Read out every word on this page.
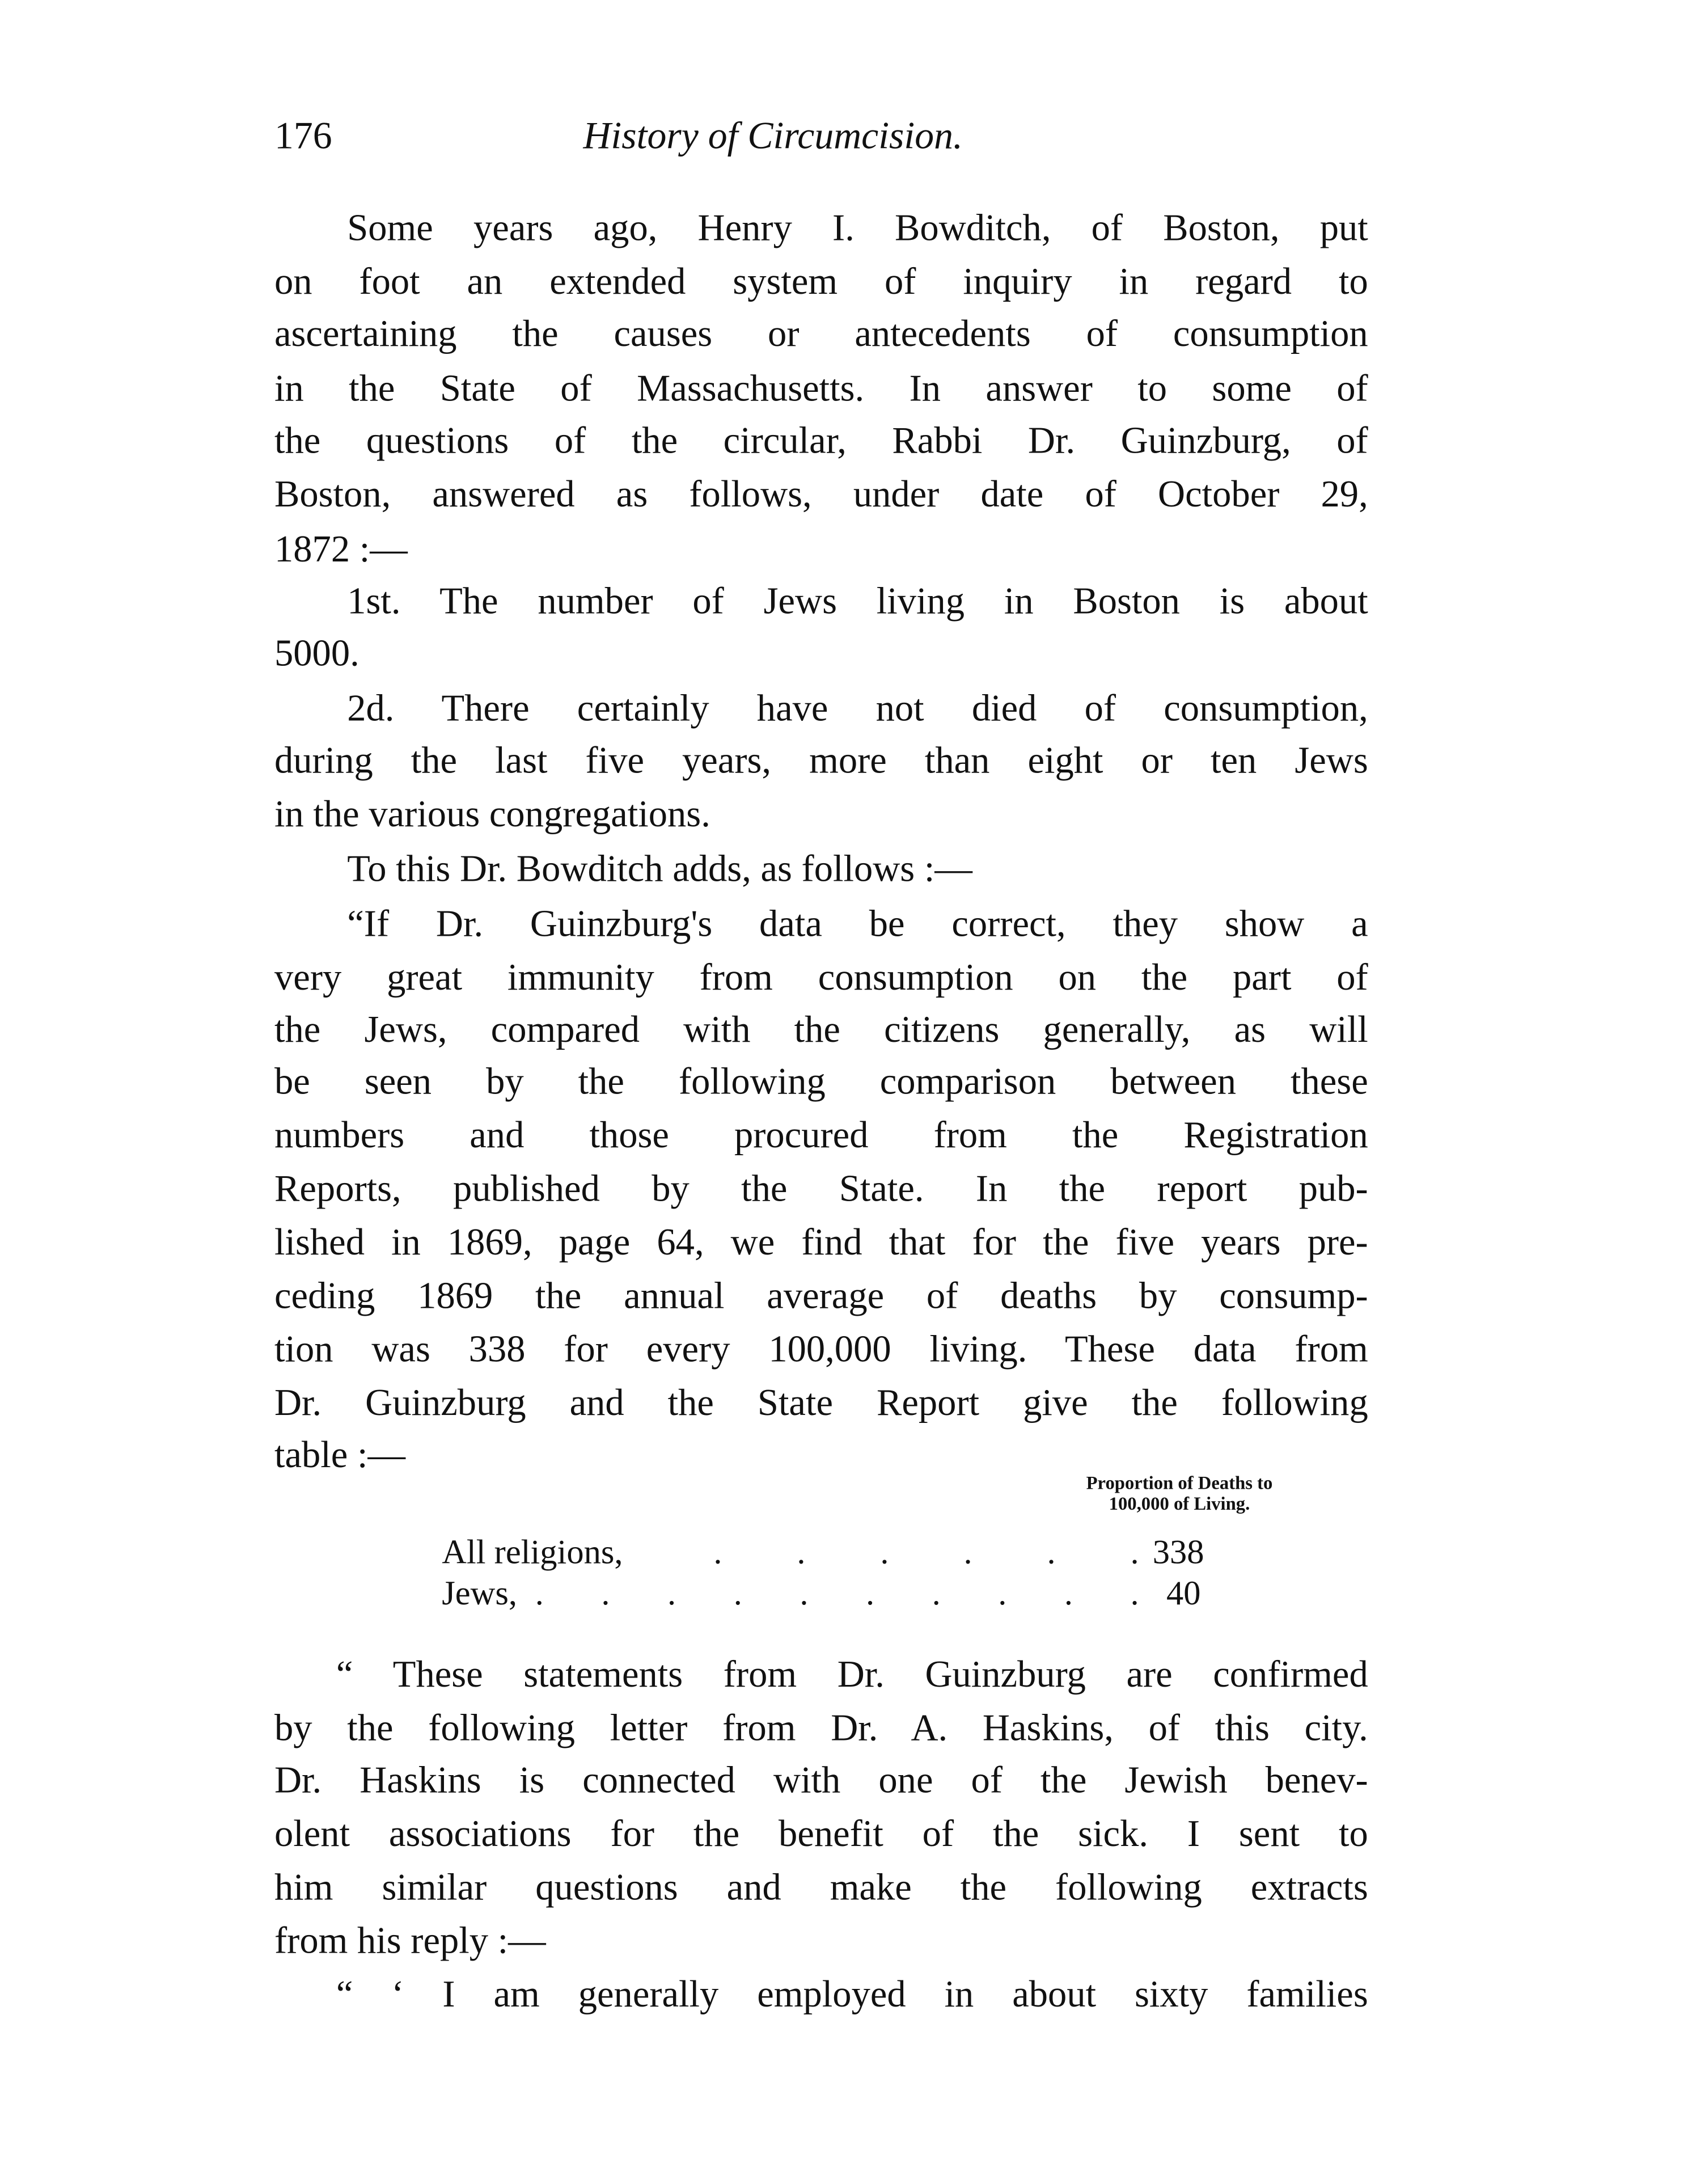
176	History of Circumcision.
Some years ago, Henry I. Bowditch, of Boston, put
on foot an extended system of inquiry in regard to
ascertaining the causes or antecedents of consumption
in the State of Massachusetts. In answer to some of
the questions of the circular, Rabbi Dr. Guinzburg, of
Boston, answered as follows, under date of October 29,
1872 :—
1st. The number of Jews living in Boston is about
5000.
2d. There certainly have not died of consumption,
during the last five years, more than eight or ten Jews
in the various congregations.
To this Dr. Bowditch adds, as follows :—
“If Dr. Guinzburg's data be correct, they show a
very great immunity from consumption on the part of
the Jews, compared with the citizens generally, as will
be seen by the following comparison between these
numbers and those procured from the Registration
Reports, published by the State. In the report pub-
lished in 1869, page 64, we find that for the five years pre-
ceding 1869 the annual average of deaths by consump-
tion was 338 for every 100,000 living. These data from
Dr. Guinzburg and the State Report give the following
table :—
Proportion of Deaths to
100,000 of Living.
All religions,	. . . . . . 338
Jews, . . . . . . . . . . 40
“ These statements from Dr. Guinzburg are confirmed
by the following letter from Dr. A. Haskins, of this city.
Dr. Haskins is connected with one of the Jewish benev-
olent associations for the benefit of the sick. I sent to
him similar questions and make the following extracts
from his reply :—
“ ‘ I am generally employed in about sixty families
